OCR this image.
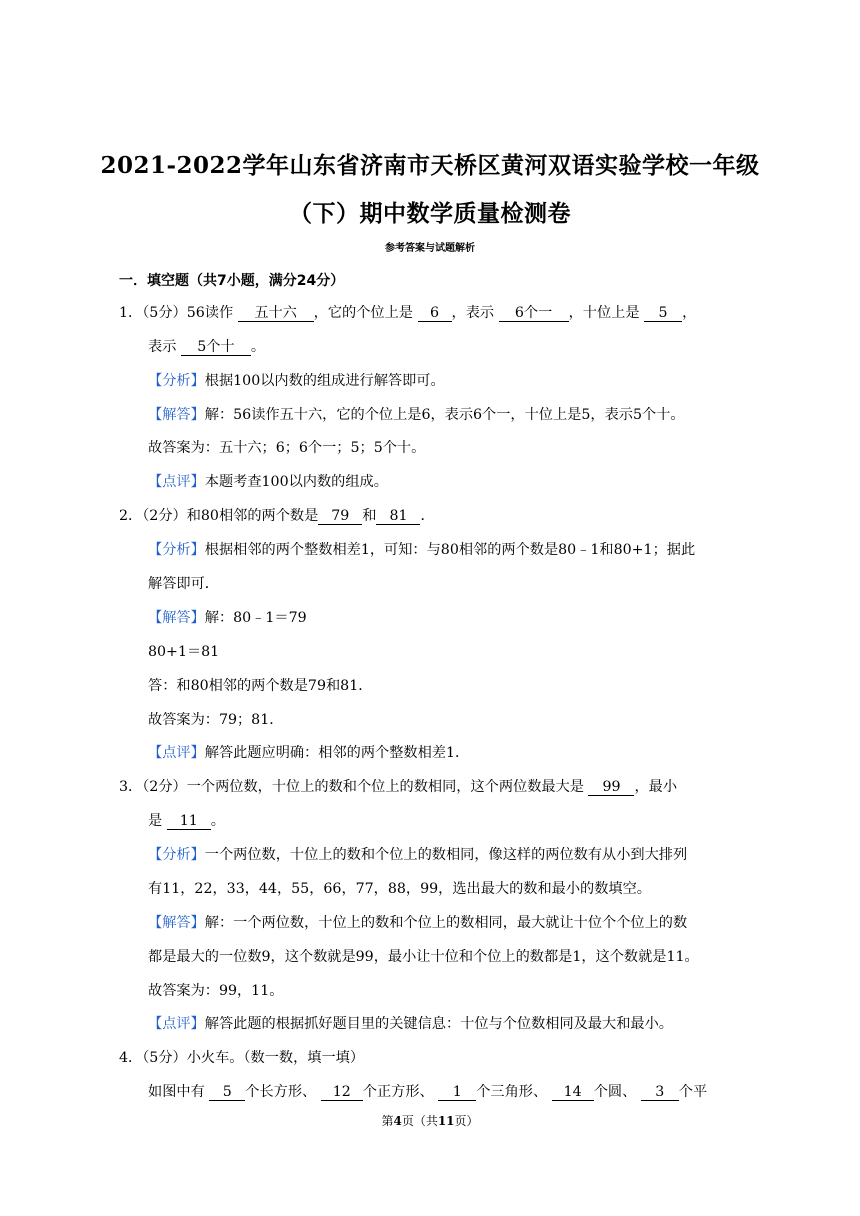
2021-2022学年山东省济南市天桥区黄河双语实验学校一年级
（下）期中数学质量检测卷
参考答案与试题解析
一．填空题（共7小题，满分24分）
1．（5分）56读作 五十六 ，它的个位上是 6 ，表示 6个一 ，十位上是 5 ，
表示 5个十 。
【分析】根据100以内数的组成进行解答即可。
【解答】解：56读作五十六，它的个位上是6，表示6个一，十位上是5，表示5个十。
故答案为：五十六；6；6个一；5；5个十。
【点评】本题考查100以内数的组成。
2．（2分）和80相邻的两个数是 79 和 81 ．
【分析】根据相邻的两个整数相差1，可知：与80相邻的两个数是80﹣1和80+1；据此
解答即可．
【解答】解：80﹣1＝79
80+1＝81
答：和80相邻的两个数是79和81．
故答案为：79；81．
【点评】解答此题应明确：相邻的两个整数相差1．
3．（2分）一个两位数，十位上的数和个位上的数相同，这个两位数最大是 99 ，最小
是 11 。
【分析】一个两位数，十位上的数和个位上的数相同，像这样的两位数有从小到大排列
有11，22，33，44，55，66，77，88，99，选出最大的数和最小的数填空。
【解答】解：一个两位数，十位上的数和个位上的数相同，最大就让十位个个位上的数
都是最大的一位数9，这个数就是99，最小让十位和个位上的数都是1，这个数就是11。
故答案为：99，11。
【点评】解答此题的根据抓好题目里的关键信息：十位与个位数相同及最大和最小。
4．（5分）小火车。（数一数，填一填）
如图中有 5 个长方形、 12 个正方形、 1 个三角形、 14 个圆、 3 个平
第4页（共11页）
